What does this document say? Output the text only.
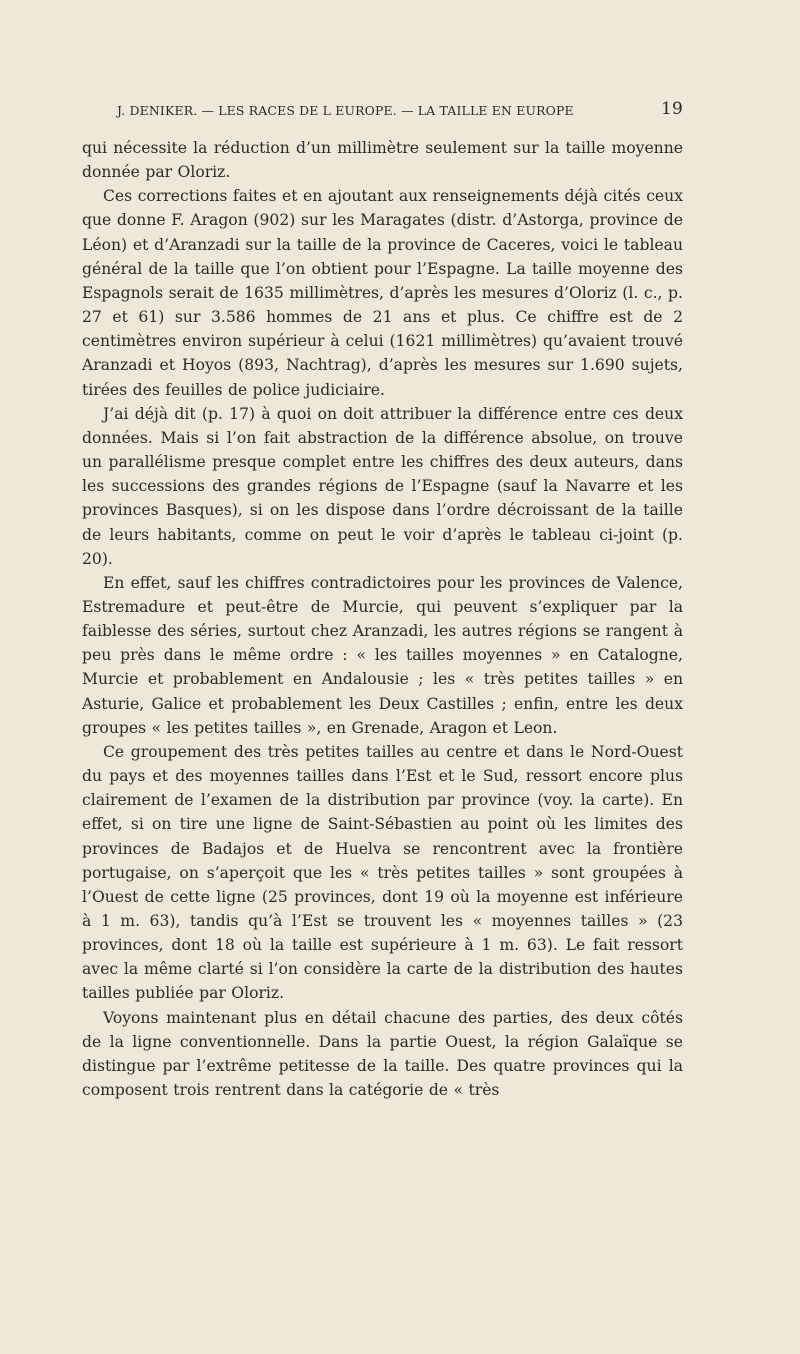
J. DENIKER. — LES RACES DE L EUROPE. — LA TAILLE EN EUROPE	19

qui nécessite la réduction d’un millimètre seulement sur la taille moyenne donnée par Oloriz.

Ces corrections faites et en ajoutant aux renseignements déjà cités ceux que donne F. Aragon (902) sur les Maragates (distr. d’Astorga, province de Léon) et d’Aranzadi sur la taille de la province de Caceres, voici le tableau général de la taille que l’on obtient pour l’Espagne. La taille moyenne des Espagnols serait de 1635 millimètres, d’après les mesures d’Oloriz (l. c., p. 27 et 61) sur 3.586 hommes de 21 ans et plus. Ce chiffre est de 2 centimètres environ supérieur à celui (1621 millimètres) qu’avaient trouvé Aranzadi et Hoyos (893, Nachtrag), d’après les mesures sur 1.690 sujets, tirées des feuilles de police judiciaire.

J’ai déjà dit (p. 17) à quoi on doit attribuer la différence entre ces deux données. Mais si l’on fait abstraction de la différence absolue, on trouve un parallélisme presque complet entre les chiffres des deux auteurs, dans les successions des grandes régions de l’Espagne (sauf la Navarre et les provinces Basques), si on les dispose dans l’ordre décroissant de la taille de leurs habitants, comme on peut le voir d’après le tableau ci-joint (p. 20).

En effet, sauf les chiffres contradictoires pour les provinces de Valence, Estremadure et peut-être de Murcie, qui peuvent s’expliquer par la faiblesse des séries, surtout chez Aranzadi, les autres régions se rangent à peu près dans le même ordre : « les tailles moyennes » en Catalogne, Murcie et probablement en Andalousie ; les « très petites tailles » en Asturie, Galice et probablement les Deux Castilles ; enfin, entre les deux groupes « les petites tailles », en Grenade, Aragon et Leon.

Ce groupement des très petites tailles au centre et dans le Nord-Ouest du pays et des moyennes tailles dans l’Est et le Sud, ressort encore plus clairement de l’examen de la distribution par province (voy. la carte). En effet, si on tire une ligne de Saint-Sébastien au point où les limites des provinces de Badajos et de Huelva se rencontrent avec la frontière portugaise, on s’aperçoit que les « très petites tailles » sont groupées à l’Ouest de cette ligne (25 provinces, dont 19 où la moyenne est inférieure à 1 m. 63), tandis qu’à l’Est se trouvent les « moyennes tailles » (23 provinces, dont 18 où la taille est supérieure à 1 m. 63). Le fait ressort avec la même clarté si l’on considère la carte de la distribution des hautes tailles publiée par Oloriz.

Voyons maintenant plus en détail chacune des parties, des deux côtés de la ligne conventionnelle. Dans la partie Ouest, la région Galaïque se distingue par l’extrême petitesse de la taille. Des quatre provinces qui la composent trois rentrent dans la catégorie de « très
